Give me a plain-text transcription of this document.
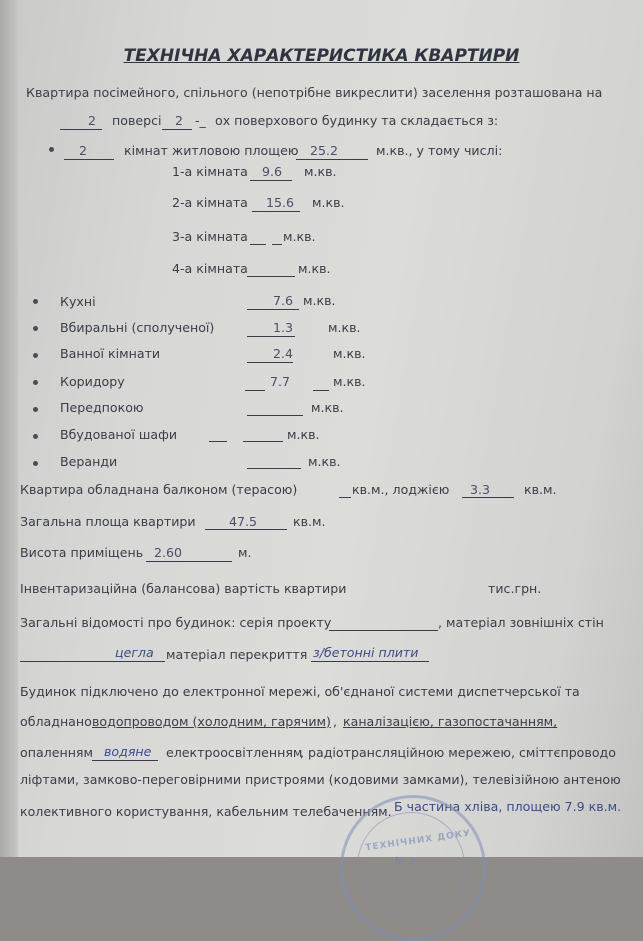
ТЕХНІЧНА ХАРАКТЕРИСТИКА КВАРТИРИ
Квартира посімейного, спільного (непотрібне викреслити) заселення розташована на
2 поверсі 2 -_ ох поверхового будинку та складається з:
2	кімнат житловою площею 25.2	м.кв., у тому числі:
1-а кімната 9.6 м.кв.
2-а кімната 15.6 м.кв.
3-а кімната	м.кв.
4-а кімната	м.кв.
Кухні	7.6 м.кв.
Вбиральні (сполученої)	1.3	м.кв.
Ванної кімнати	2.4	м.кв.
Коридору	7.7	м.кв.
Передпокою	м.кв.
Вбудованої шафи	м.кв.
Веранди	м.кв.
Квартира обладнана балконом (терасою)	кв.м., лоджією 3.3	кв.м.
Загальна площа квартири	47.5	кв.м.
Висота приміщень 2.60	м.
Інвентаризаційна (балансова) вартість квартири	тис.грн.
Загальні відомості про будинок: серія проекту	, матеріал зовнішніх стін
цегла матеріал перекриття з/бетонні плити
Будинок підключено до електронної мережі, об'єднаної системи диспетчерської та
обладнано водопроводом (холодним, гарячим) , каналізацією, газопостачанням,
опаленням водяне електроосвітленням
, радіотрансляційною мережею, сміттєпроводо
ліфтами, замково-переговірними пристроями (кодовими замками), телевізійною антеною
колективного користування, кабельним телебаченням. Б частина хліва, площею 7.9 кв.м.
ТЕХНІЧНИХ ДОКУ
№ 2
